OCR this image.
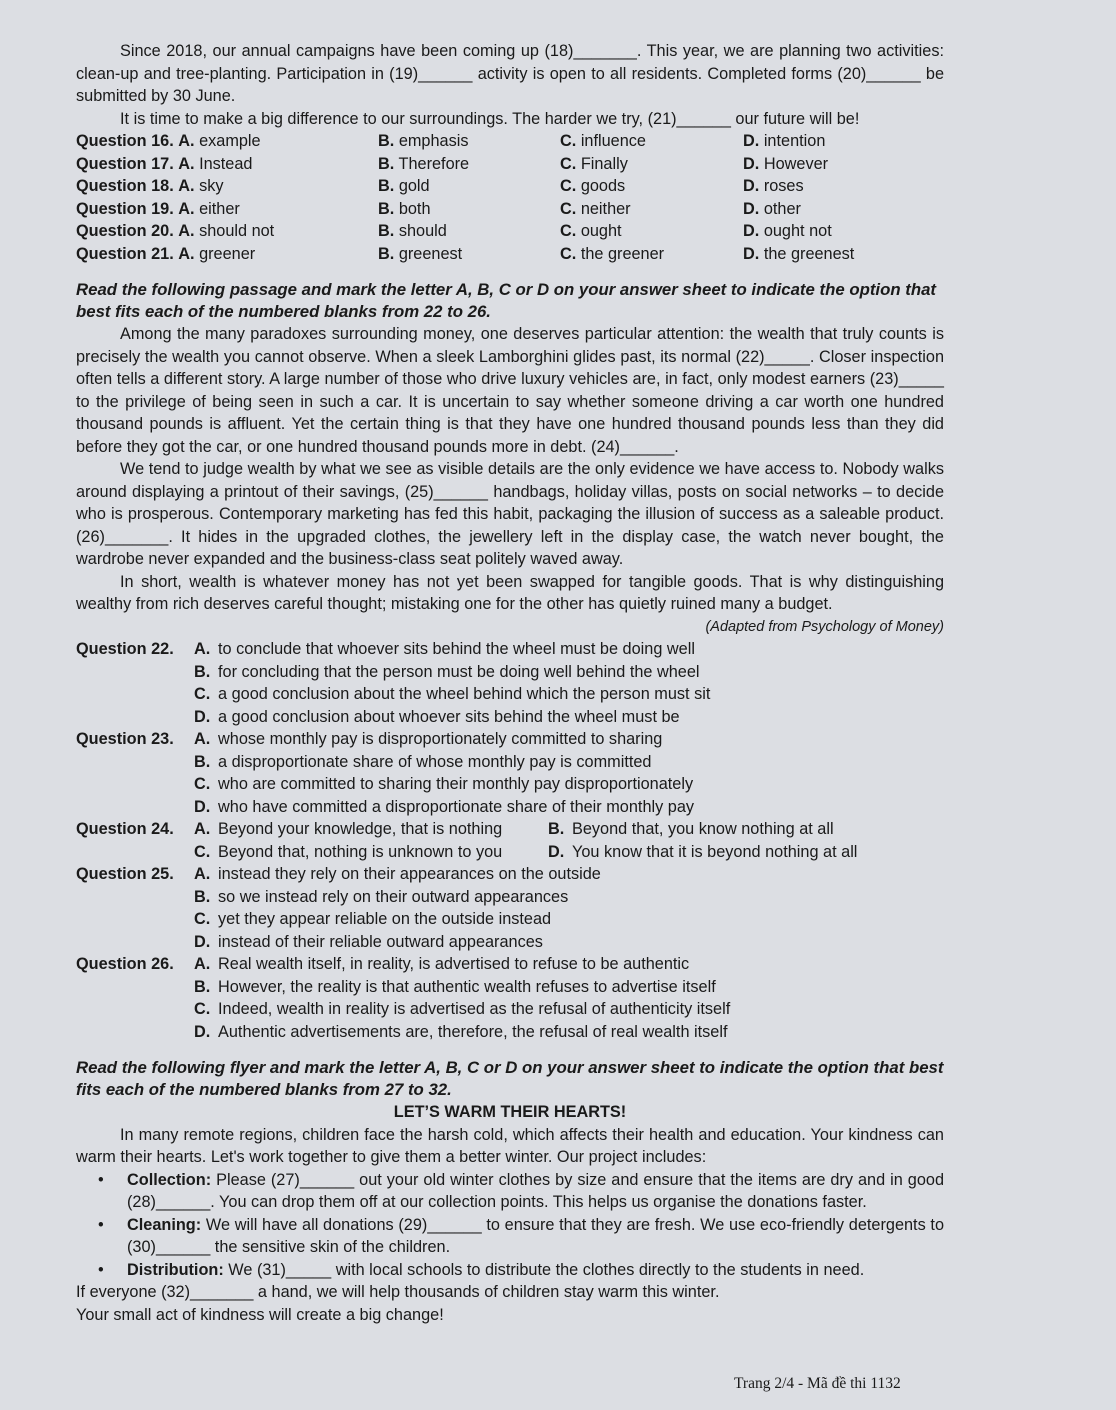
Since 2018, our annual campaigns have been coming up (18)_______. This year, we are planning two activities: clean-up and tree-planting. Participation in (19)______ activity is open to all residents. Completed forms (20)______ be submitted by 30 June.

It is time to make a big difference to our surroundings. The harder we try, (21)______ our future will be!

Question 16. A. example	B. emphasis	C. influence	D. intention
Question 17. A. Instead	B. Therefore	C. Finally	D. However
Question 18. A. sky	B. gold	C. goods	D. roses
Question 19. A. either	B. both	C. neither	D. other
Question 20. A. should not	B. should	C. ought	D. ought not
Question 21. A. greener	B. greenest	C. the greener	D. the greenest

Read the following passage and mark the letter A, B, C or D on your answer sheet to indicate the option that best fits each of the numbered blanks from 22 to 26.

Among the many paradoxes surrounding money, one deserves particular attention: the wealth that truly counts is precisely the wealth you cannot observe. When a sleek Lamborghini glides past, its normal (22)_____. Closer inspection often tells a different story. A large number of those who drive luxury vehicles are, in fact, only modest earners (23)_____ to the privilege of being seen in such a car. It is uncertain to say whether someone driving a car worth one hundred thousand pounds is affluent. Yet the certain thing is that they have one hundred thousand pounds less than they did before they got the car, or one hundred thousand pounds more in debt. (24)______.

We tend to judge wealth by what we see as visible details are the only evidence we have access to. Nobody walks around displaying a printout of their savings, (25)______ handbags, holiday villas, posts on social networks – to decide who is prosperous. Contemporary marketing has fed this habit, packaging the illusion of success as a saleable product. (26)_______. It hides in the upgraded clothes, the jewellery left in the display case, the watch never bought, the wardrobe never expanded and the business-class seat politely waved away.

In short, wealth is whatever money has not yet been swapped for tangible goods. That is why distinguishing wealthy from rich deserves careful thought; mistaking one for the other has quietly ruined many a budget.

(Adapted from Psychology of Money)

Question 22.	A. to conclude that whoever sits behind the wheel must be doing well
B. for concluding that the person must be doing well behind the wheel
C. a good conclusion about the wheel behind which the person must sit
D. a good conclusion about whoever sits behind the wheel must be
Question 23.	A. whose monthly pay is disproportionately committed to sharing
B. a disproportionate share of whose monthly pay is committed
C. who are committed to sharing their monthly pay disproportionately
D. who have committed a disproportionate share of their monthly pay
Question 24.	A. Beyond your knowledge, that is nothing	B. Beyond that, you know nothing at all
C. Beyond that, nothing is unknown to you	D. You know that it is beyond nothing at all
Question 25.	A. instead they rely on their appearances on the outside
B. so we instead rely on their outward appearances
C. yet they appear reliable on the outside instead
D. instead of their reliable outward appearances
Question 26.	A. Real wealth itself, in reality, is advertised to refuse to be authentic
B. However, the reality is that authentic wealth refuses to advertise itself
C. Indeed, wealth in reality is advertised as the refusal of authenticity itself
D. Authentic advertisements are, therefore, the refusal of real wealth itself

Read the following flyer and mark the letter A, B, C or D on your answer sheet to indicate the option that best fits each of the numbered blanks from 27 to 32.

LET’S WARM THEIR HEARTS!

In many remote regions, children face the harsh cold, which affects their health and education. Your kindness can warm their hearts. Let's work together to give them a better winter. Our project includes:

• Collection: Please (27)______ out your old winter clothes by size and ensure that the items are dry and in good (28)______. You can drop them off at our collection points. This helps us organise the donations faster.
• Cleaning: We will have all donations (29)______ to ensure that they are fresh. We use eco-friendly detergents to (30)______ the sensitive skin of the children.
• Distribution: We (31)_____ with local schools to distribute the clothes directly to the students in need.

If everyone (32)_______ a hand, we will help thousands of children stay warm this winter.

Your small act of kindness will create a big change!

Trang 2/4 - Mã đề thi 1132
